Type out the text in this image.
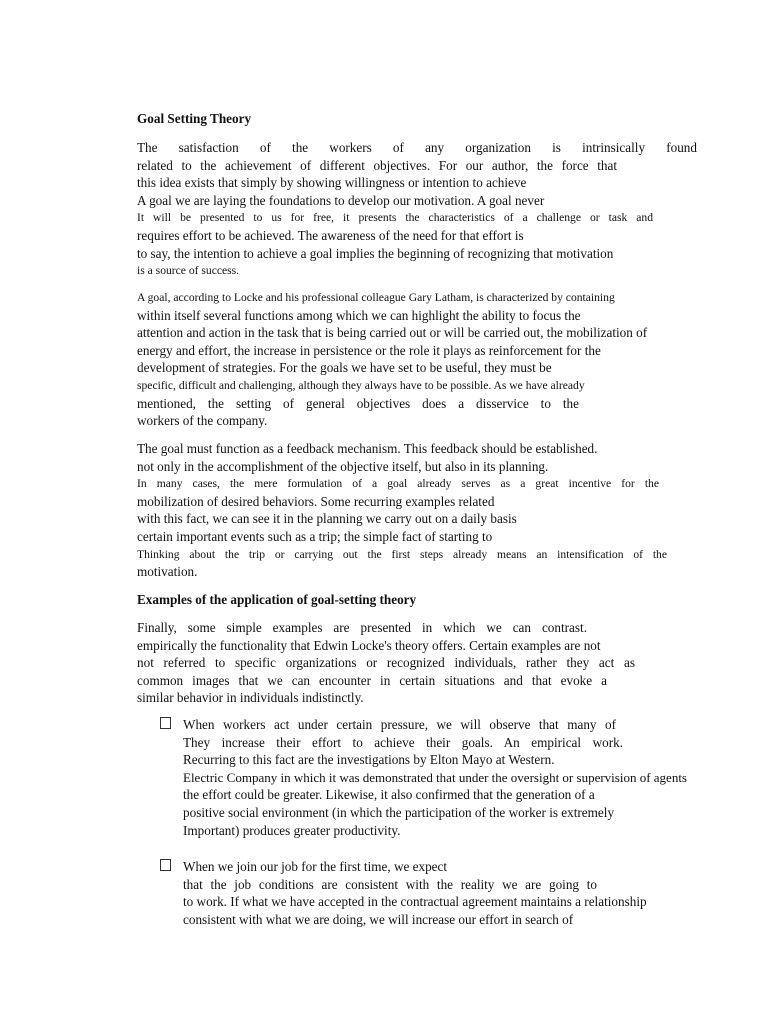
Goal Setting Theory
The satisfaction of the workers of any organization is intrinsically found
related to the achievement of different objectives. For our author, the force that
this idea exists that simply by showing willingness or intention to achieve
A goal we are laying the foundations to develop our motivation. A goal never
It will be presented to us for free, it presents the characteristics of a challenge or task and
requires effort to be achieved. The awareness of the need for that effort is
to say, the intention to achieve a goal implies the beginning of recognizing that motivation
is a source of success.
A goal, according to Locke and his professional colleague Gary Latham, is characterized by containing
within itself several functions among which we can highlight the ability to focus the
attention and action in the task that is being carried out or will be carried out, the mobilization of
energy and effort, the increase in persistence or the role it plays as reinforcement for the
development of strategies. For the goals we have set to be useful, they must be
specific, difficult and challenging, although they always have to be possible. As we have already
mentioned, the setting of general objectives does a disservice to the
workers of the company.
The goal must function as a feedback mechanism. This feedback should be established.
not only in the accomplishment of the objective itself, but also in its planning.
In many cases, the mere formulation of a goal already serves as a great incentive for the
mobilization of desired behaviors. Some recurring examples related
with this fact, we can see it in the planning we carry out on a daily basis
certain important events such as a trip; the simple fact of starting to
Thinking about the trip or carrying out the first steps already means an intensification of the
motivation.
Examples of the application of goal-setting theory
Finally, some simple examples are presented in which we can contrast.
empirically the functionality that Edwin Locke's theory offers. Certain examples are not
not referred to specific organizations or recognized individuals, rather they act as
common images that we can encounter in certain situations and that evoke a
similar behavior in individuals indistinctly.
When workers act under certain pressure, we will observe that many of
They increase their effort to achieve their goals. An empirical work.
Recurring to this fact are the investigations by Elton Mayo at Western.
Electric Company in which it was demonstrated that under the oversight or supervision of agents
the effort could be greater. Likewise, it also confirmed that the generation of a
positive social environment (in which the participation of the worker is extremely
Important) produces greater productivity.
When we join our job for the first time, we expect
that the job conditions are consistent with the reality we are going to
to work. If what we have accepted in the contractual agreement maintains a relationship
consistent with what we are doing, we will increase our effort in search of
